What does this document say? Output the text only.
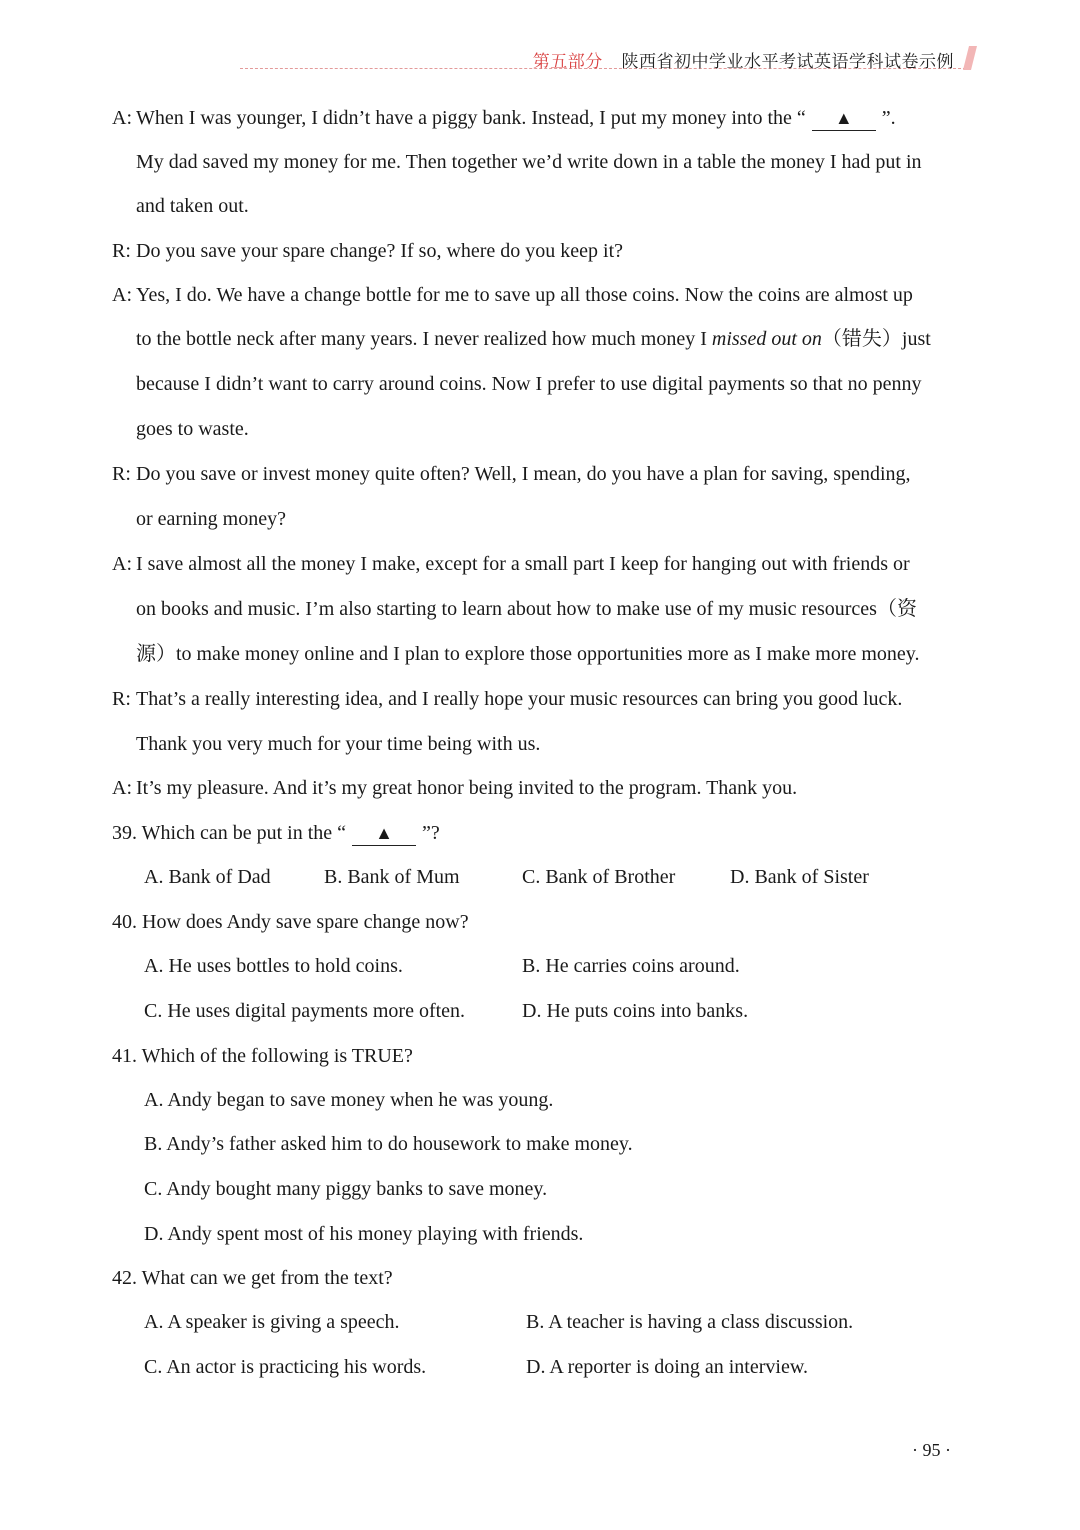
第五部分 陕西省初中学业水平考试英语学科试卷示例
A: When I was younger, I didn’t have a piggy bank. Instead, I put my money into the “ ▲ ”.
My dad saved my money for me. Then together we’d write down in a table the money I had put in
and taken out.
R: Do you save your spare change? If so, where do you keep it?
A: Yes, I do. We have a change bottle for me to save up all those coins. Now the coins are almost up
to the bottle neck after many years. I never realized how much money I missed out on（错失）just
because I didn’t want to carry around coins. Now I prefer to use digital payments so that no penny
goes to waste.
R: Do you save or invest money quite often? Well, I mean, do you have a plan for saving, spending,
or earning money?
A: I save almost all the money I make, except for a small part I keep for hanging out with friends or
on books and music. I’m also starting to learn about how to make use of my music resources（资
源）to make money online and I plan to explore those opportunities more as I make more money.
R: That’s a really interesting idea, and I really hope your music resources can bring you good luck.
Thank you very much for your time being with us.
A: It’s my pleasure. And it’s my great honor being invited to the program. Thank you.
39. Which can be put in the “ ▲ ”?
A. Bank of Dad	B. Bank of Mum	C. Bank of Brother	D. Bank of Sister
40. How does Andy save spare change now?
A. He uses bottles to hold coins.	B. He carries coins around.
C. He uses digital payments more often.	D. He puts coins into banks.
41. Which of the following is TRUE?
A. Andy began to save money when he was young.
B. Andy’s father asked him to do housework to make money.
C. Andy bought many piggy banks to save money.
D. Andy spent most of his money playing with friends.
42. What can we get from the text?
A. A speaker is giving a speech.	B. A teacher is having a class discussion.
C. An actor is practicing his words.	D. A reporter is doing an interview.
· 95 ·
